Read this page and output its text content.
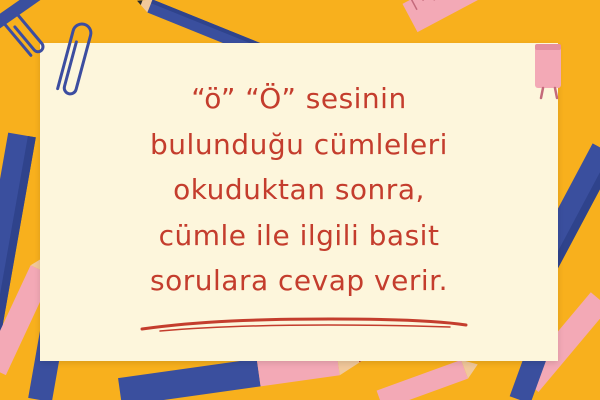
“ö” “Ö” sesinin
bulunduğu cümleleri
okuduktan sonra,
cümle ile ilgili basit
sorulara cevap verir.
